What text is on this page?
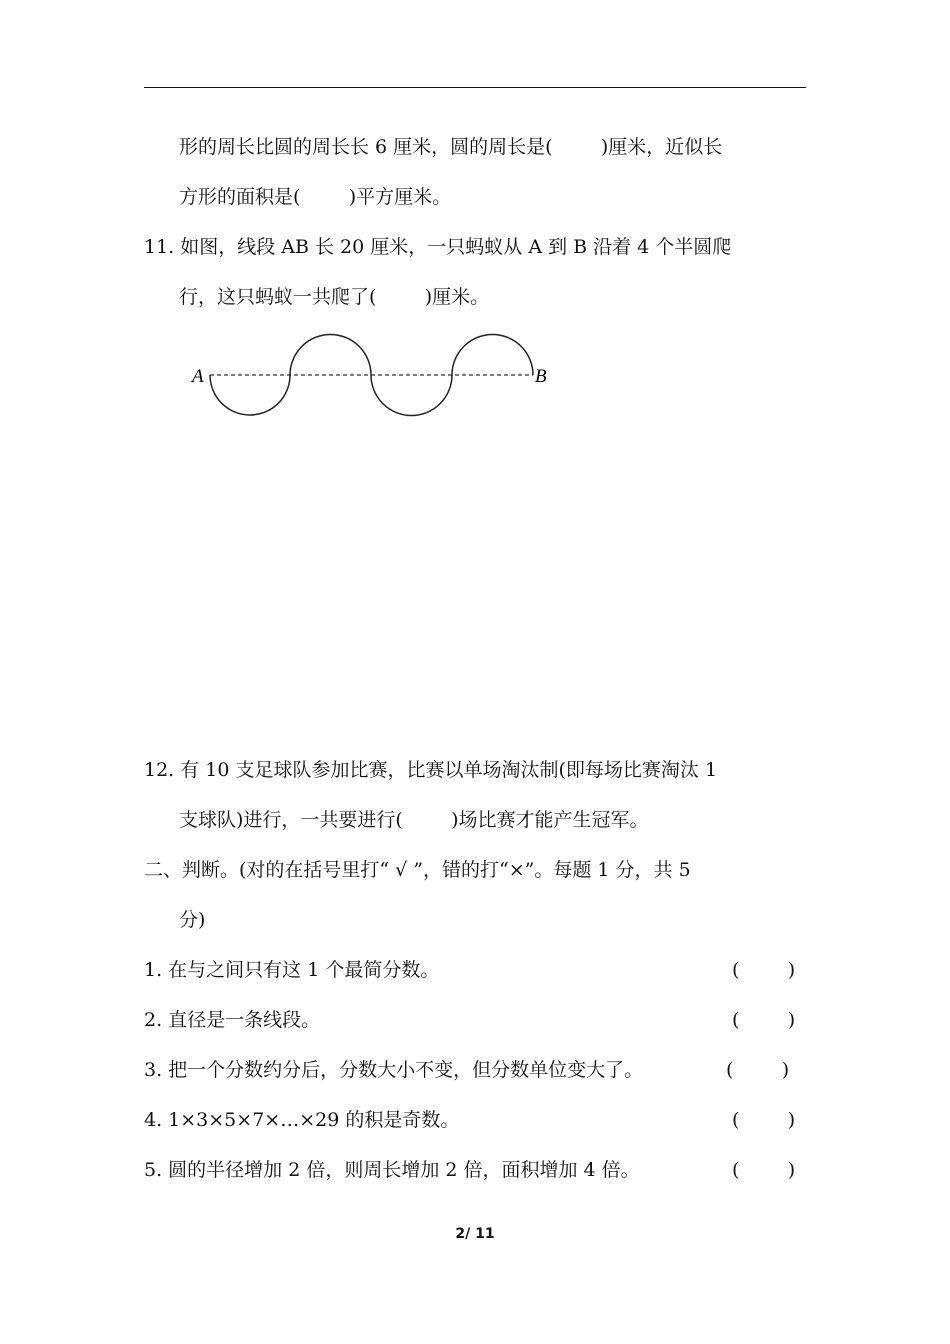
形的周长比圆的周长长 6 厘米，圆的周长是(        )厘米，近似长
方形的面积是(        )平方厘米。
11. 如图，线段 AB 长 20 厘米，一只蚂蚁从 A 到 B 沿着 4 个半圆爬
行，这只蚂蚁一共爬了(        )厘米。
A	B
12. 有 10 支足球队参加比赛，比赛以单场淘汰制(即每场比赛淘汰 1
支球队)进行，一共要进行(        )场比赛才能产生冠军。
二、判断。(对的在括号里打“ √ ”，错的打“×”。每题 1 分，共 5
分)
1. 在与之间只有这 1 个最简分数。	(        )
2. 直径是一条线段。	(        )
3. 把一个分数约分后，分数大小不变，但分数单位变大了。	(        )
4. 1×3×5×7×…×29 的积是奇数。	(        )
5. 圆的半径增加 2 倍，则周长增加 2 倍，面积增加 4 倍。	(        )
2/ 11
